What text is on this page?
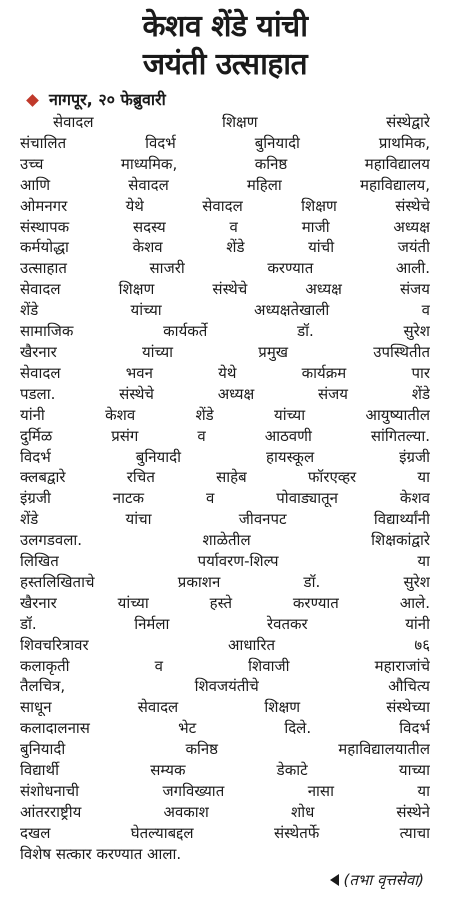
केशव शेंडे यांची
जयंती उत्साहात
नागपूर, २० फेब्रुवारी
सेवादल शिक्षण संस्थेद्वारे
संचालित विदर्भ बुनियादी प्राथमिक,
उच्च माध्यमिक, कनिष्ठ महाविद्यालय
आणि सेवादल महिला महाविद्यालय,
ओमनगर येथे सेवादल शिक्षण संस्थेचे
संस्थापक सदस्य व माजी अध्यक्ष
कर्मयोद्धा केशव शेंडे यांची जयंती
उत्साहात साजरी करण्यात आली.
सेवादल शिक्षण संस्थेचे अध्यक्ष संजय
शेंडे यांच्या अध्यक्षतेखाली व
सामाजिक कार्यकर्ते डॉ. सुरेश
खैरनार यांच्या प्रमुख उपस्थितीत
सेवादल भवन येथे कार्यक्रम पार
पडला. संस्थेचे अध्यक्ष संजय शेंडे
यांनी केशव शेंडे यांच्या आयुष्यातील
दुर्मिळ प्रसंग व आठवणी सांगितल्या.
विदर्भ बुनियादी हायस्कूल इंग्रजी
क्लबद्वारे रचित साहेब फॉरएव्हर या
इंग्रजी नाटक व पोवाड्यातून केशव
शेंडे यांचा जीवनपट विद्यार्थ्यांनी
उलगडवला. शाळेतील शिक्षकांद्वारे
लिखित पर्यावरण-शिल्प या
हस्तलिखिताचे प्रकाशन डॉ. सुरेश
खैरनार यांच्या हस्ते करण्यात आले.
डॉ. निर्मला रेवतकर यांनी
शिवचरित्रावर आधारित ७६
कलाकृती व शिवाजी महाराजांचे
तैलचित्र, शिवजयंतीचे औचित्य
साधून सेवादल शिक्षण संस्थेच्या
कलादालनास भेट दिले. विदर्भ
बुनियादी कनिष्ठ महाविद्यालयातील
विद्यार्थी सम्यक डेकाटे याच्या
संशोधनाची जगविख्यात नासा या
आंतरराष्ट्रीय अवकाश शोध संस्थेने
दखल घेतल्याबद्दल संस्थेतर्फे त्याचा
विशेष सत्कार करण्यात आला.
(तभा वृत्तसेवा)
